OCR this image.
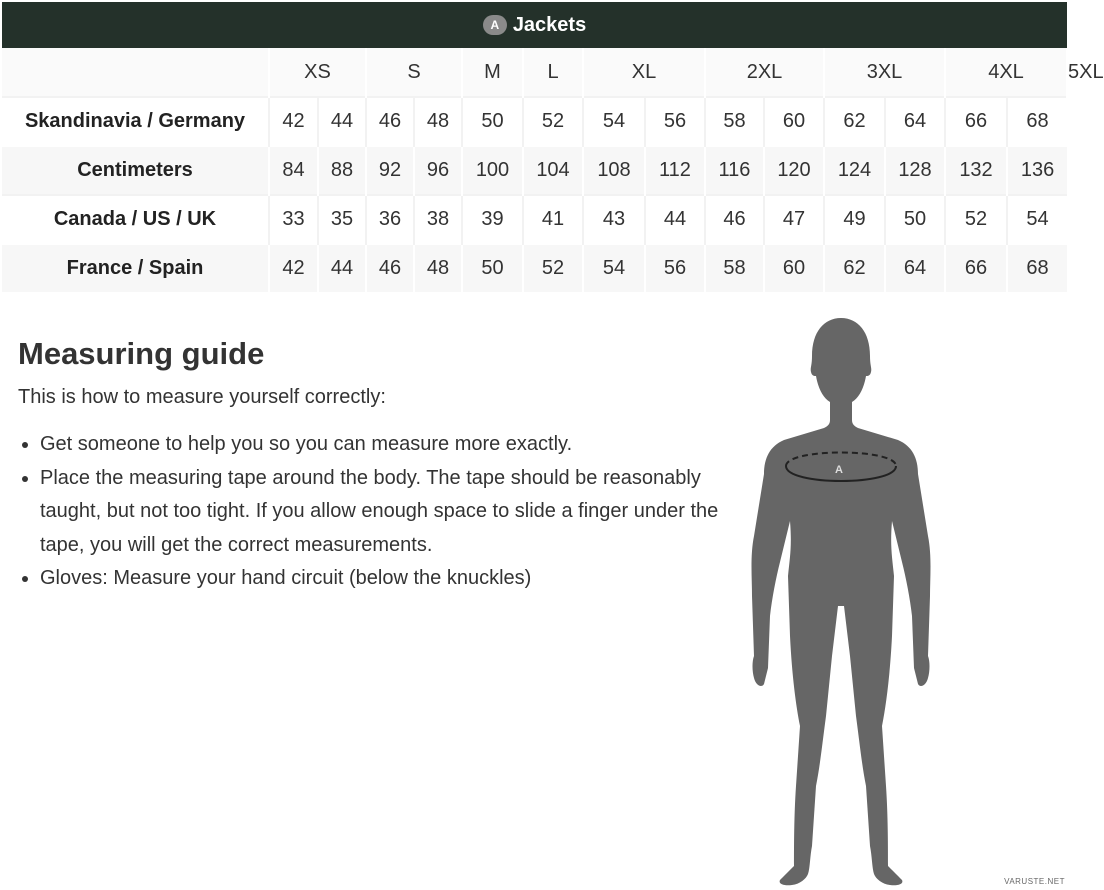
A Jackets															
	XS		S		M	L	XL		2XL		3XL		4XL		5XL
Skandinavia / Germany	42	44	46	48	50	52	54	56	58	60	62	64	66	68	
Centimeters	84	88	92	96	100	104	108	112	116	120	124	128	132	136	
Canada / US / UK	33	35	36	38	39	41	43	44	46	47	49	50	52	54	
France / Spain	42	44	46	48	50	52	54	56	58	60	62	64	66	68	
Measuring guide

This is how to measure yourself correctly:

• Get someone to help you so you can measure more exactly.
• Place the measuring tape around the body. The tape should be reasonably taught, but not too tight. If you allow enough space to slide a finger under the tape, you will get the correct measurements.
• Gloves: Measure your hand circuit (below the knuckles)
A
VARUSTE.NET
